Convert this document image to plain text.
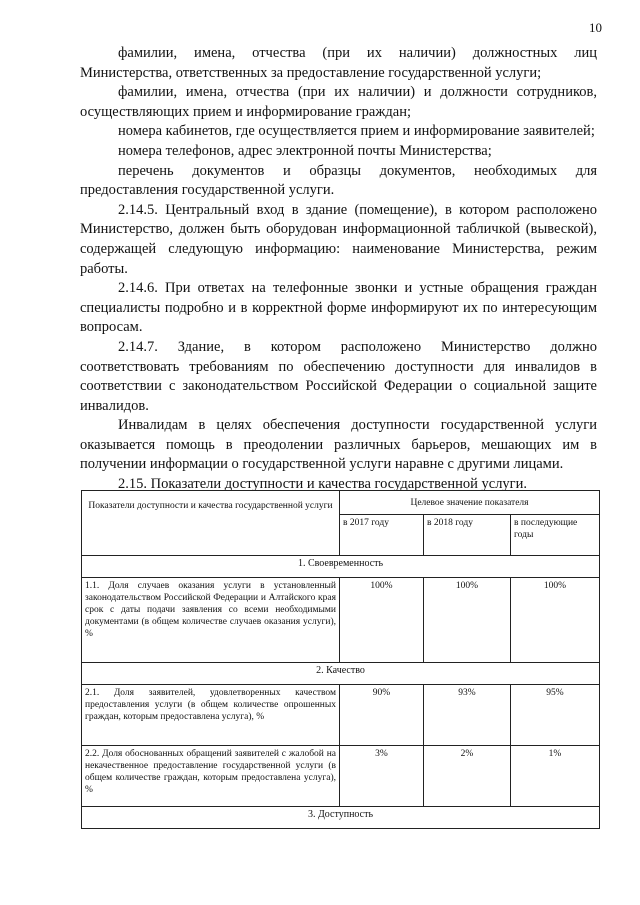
10

фамилии, имена, отчества (при их наличии) должностных лиц Министерства, ответственных за предоставление государственной услуги;

фамилии, имена, отчества (при их наличии) и должности сотрудников, осуществляющих прием и информирование граждан;

номера кабинетов, где осуществляется прием и информирование заявителей;

номера телефонов, адрес электронной почты Министерства;

перечень документов и образцы документов, необходимых для предоставления государственной услуги.

2.14.5. Центральный вход в здание (помещение), в котором расположено Министерство, должен быть оборудован информационной табличкой (вывеской), содержащей следующую информацию: наименование Министерства, режим работы.

2.14.6. При ответах на телефонные звонки и устные обращения граждан специалисты подробно и в корректной форме информируют их по интересующим вопросам.

2.14.7. Здание, в котором расположено Министерство должно соответствовать требованиям по обеспечению доступности для инвалидов в соответствии с законодательством Российской Федерации о социальной защите инвалидов.

Инвалидам в целях обеспечения доступности государственной услуги оказывается помощь в преодолении различных барьеров, мешающих им в получении информации о государственной услуги наравне с другими лицами.

2.15. Показатели доступности и качества государственной услуги.

Показатели доступности и качества государственной услуги	Целевое значение показателя		
	в 2017 году	в 2018 году	в последующие годы
1. Своевременность			
1.1. Доля случаев оказания услуги в установленный законодательством Российской Федерации и Алтайского края срок с даты подачи заявления со всеми необходимыми документами (в общем количестве случаев оказания услуги), %	100%	100%	100%
2. Качество			
2.1. Доля заявителей, удовлетворенных качеством предоставления услуги (в общем количестве опрошенных граждан, которым предоставлена услуга), %	90%	93%	95%
2.2. Доля обоснованных обращений заявителей с жалобой на некачественное предоставление государственной услуги (в общем количестве граждан, которым предоставлена услуга), %	3%	2%	1%
3. Доступность			
